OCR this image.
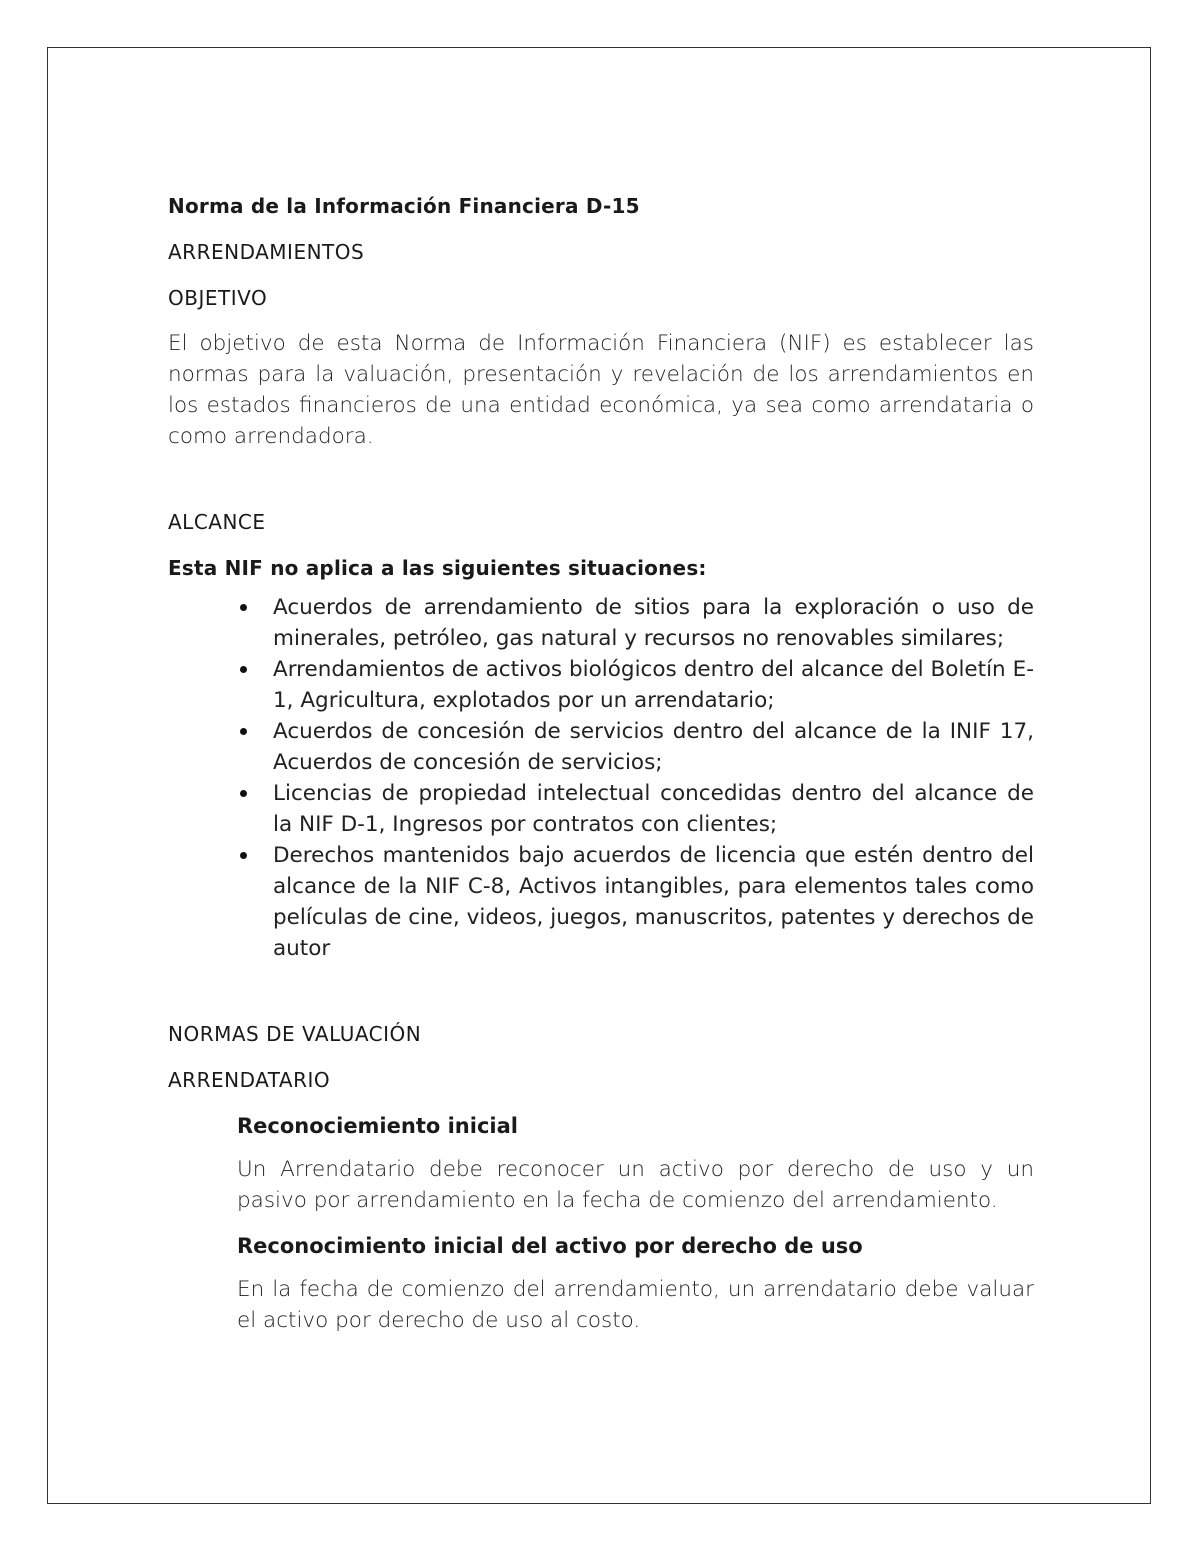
Norma de la Información Financiera D-15
ARRENDAMIENTOS
OBJETIVO

El objetivo de esta Norma de Información Financiera (NIF) es establecer las normas para la valuación, presentación y revelación de los arrendamientos en los estados financieros de una entidad económica, ya sea como arrendataria o como arrendadora.

ALCANCE
Esta NIF no aplica a las siguientes situaciones:
Acuerdos de arrendamiento de sitios para la exploración o uso de minerales, petróleo, gas natural y recursos no renovables similares;
Arrendamientos de activos biológicos dentro del alcance del Boletín E-1, Agricultura, explotados por un arrendatario;
Acuerdos de concesión de servicios dentro del alcance de la INIF 17, Acuerdos de concesión de servicios;
Licencias de propiedad intelectual concedidas dentro del alcance de la NIF D-1, Ingresos por contratos con clientes;
Derechos mantenidos bajo acuerdos de licencia que estén dentro del alcance de la NIF C-8, Activos intangibles, para elementos tales como películas de cine, videos, juegos, manuscritos, patentes y derechos de autor
NORMAS DE VALUACIÓN
ARRENDATARIO
Reconociemiento inicial

Un Arrendatario debe reconocer un activo por derecho de uso y un pasivo por arrendamiento en la fecha de comienzo del arrendamiento.

Reconocimiento inicial del activo por derecho de uso

En la fecha de comienzo del arrendamiento, un arrendatario debe valuar el activo por derecho de uso al costo.
